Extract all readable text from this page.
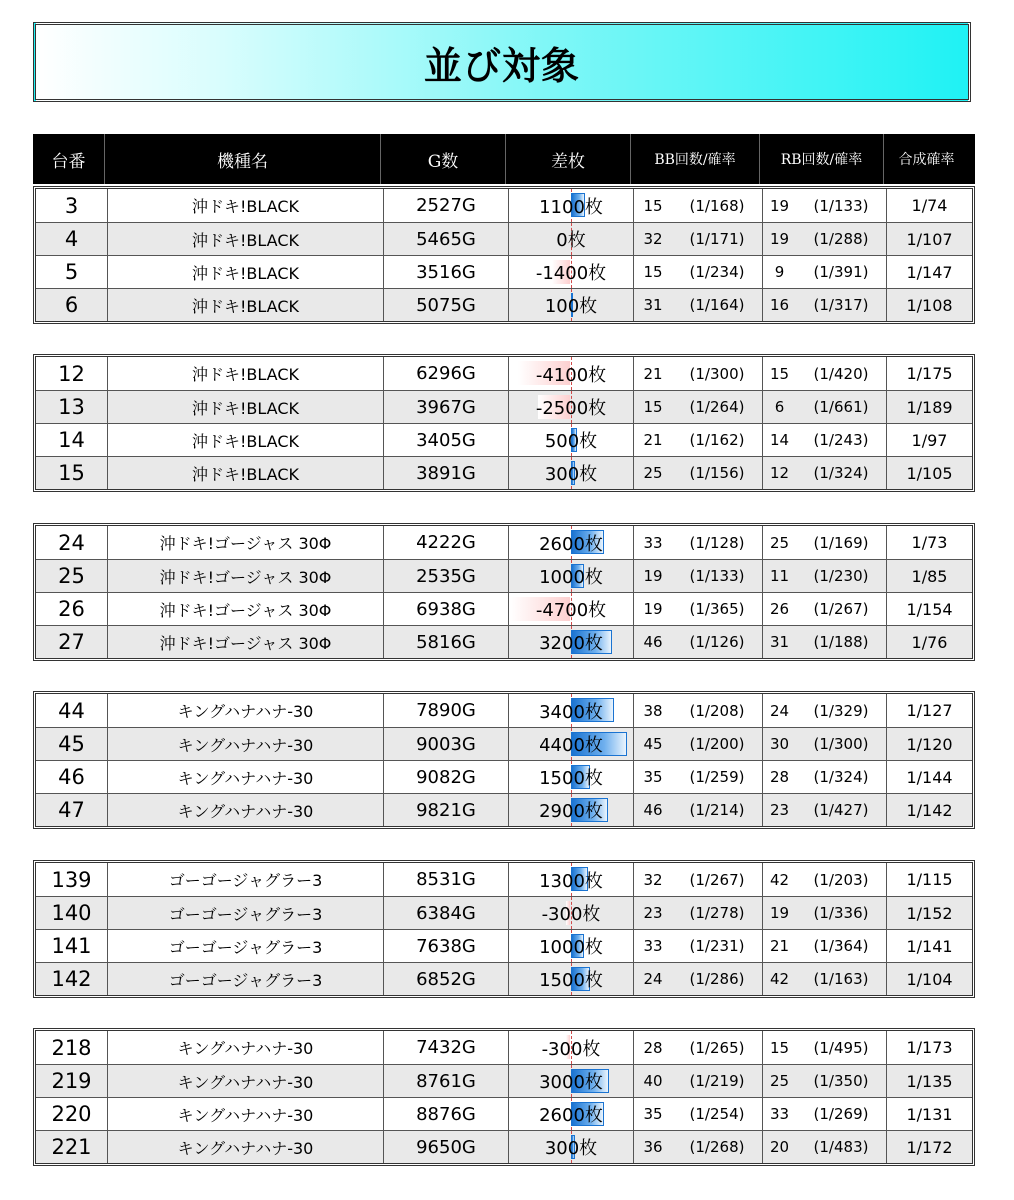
並び対象
台番	機種名	G数	差枚	BB回数/確率	RB回数/確率	合成確率
3	沖ドキ!BLACK	2527G	1100枚	15	(1/168)	19	(1/133)	1/74
4	沖ドキ!BLACK	5465G	0枚	32	(1/171)	19	(1/288)	1/107
5	沖ドキ!BLACK	3516G	-1400枚	15	(1/234)	9	(1/391)	1/147
6	沖ドキ!BLACK	5075G	100枚	31	(1/164)	16	(1/317)	1/108
12	沖ドキ!BLACK	6296G	-4100枚	21	(1/300)	15	(1/420)	1/175
13	沖ドキ!BLACK	3967G	-2500枚	15	(1/264)	6	(1/661)	1/189
14	沖ドキ!BLACK	3405G	500枚	21	(1/162)	14	(1/243)	1/97
15	沖ドキ!BLACK	3891G	300枚	25	(1/156)	12	(1/324)	1/105
24	沖ドキ!ゴージャス 30Φ	4222G	2600枚	33	(1/128)	25	(1/169)	1/73
25	沖ドキ!ゴージャス 30Φ	2535G	1000枚	19	(1/133)	11	(1/230)	1/85
26	沖ドキ!ゴージャス 30Φ	6938G	-4700枚	19	(1/365)	26	(1/267)	1/154
27	沖ドキ!ゴージャス 30Φ	5816G	3200枚	46	(1/126)	31	(1/188)	1/76
44	キングハナハナ-30	7890G	3400枚	38	(1/208)	24	(1/329)	1/127
45	キングハナハナ-30	9003G	4400枚	45	(1/200)	30	(1/300)	1/120
46	キングハナハナ-30	9082G	1500枚	35	(1/259)	28	(1/324)	1/144
47	キングハナハナ-30	9821G	2900枚	46	(1/214)	23	(1/427)	1/142
139	ゴーゴージャグラー3	8531G	1300枚	32	(1/267)	42	(1/203)	1/115
140	ゴーゴージャグラー3	6384G	-300枚	23	(1/278)	19	(1/336)	1/152
141	ゴーゴージャグラー3	7638G	1000枚	33	(1/231)	21	(1/364)	1/141
142	ゴーゴージャグラー3	6852G	1500枚	24	(1/286)	42	(1/163)	1/104
218	キングハナハナ-30	7432G	-300枚	28	(1/265)	15	(1/495)	1/173
219	キングハナハナ-30	8761G	3000枚	40	(1/219)	25	(1/350)	1/135
220	キングハナハナ-30	8876G	2600枚	35	(1/254)	33	(1/269)	1/131
221	キングハナハナ-30	9650G	300枚	36	(1/268)	20	(1/483)	1/172
